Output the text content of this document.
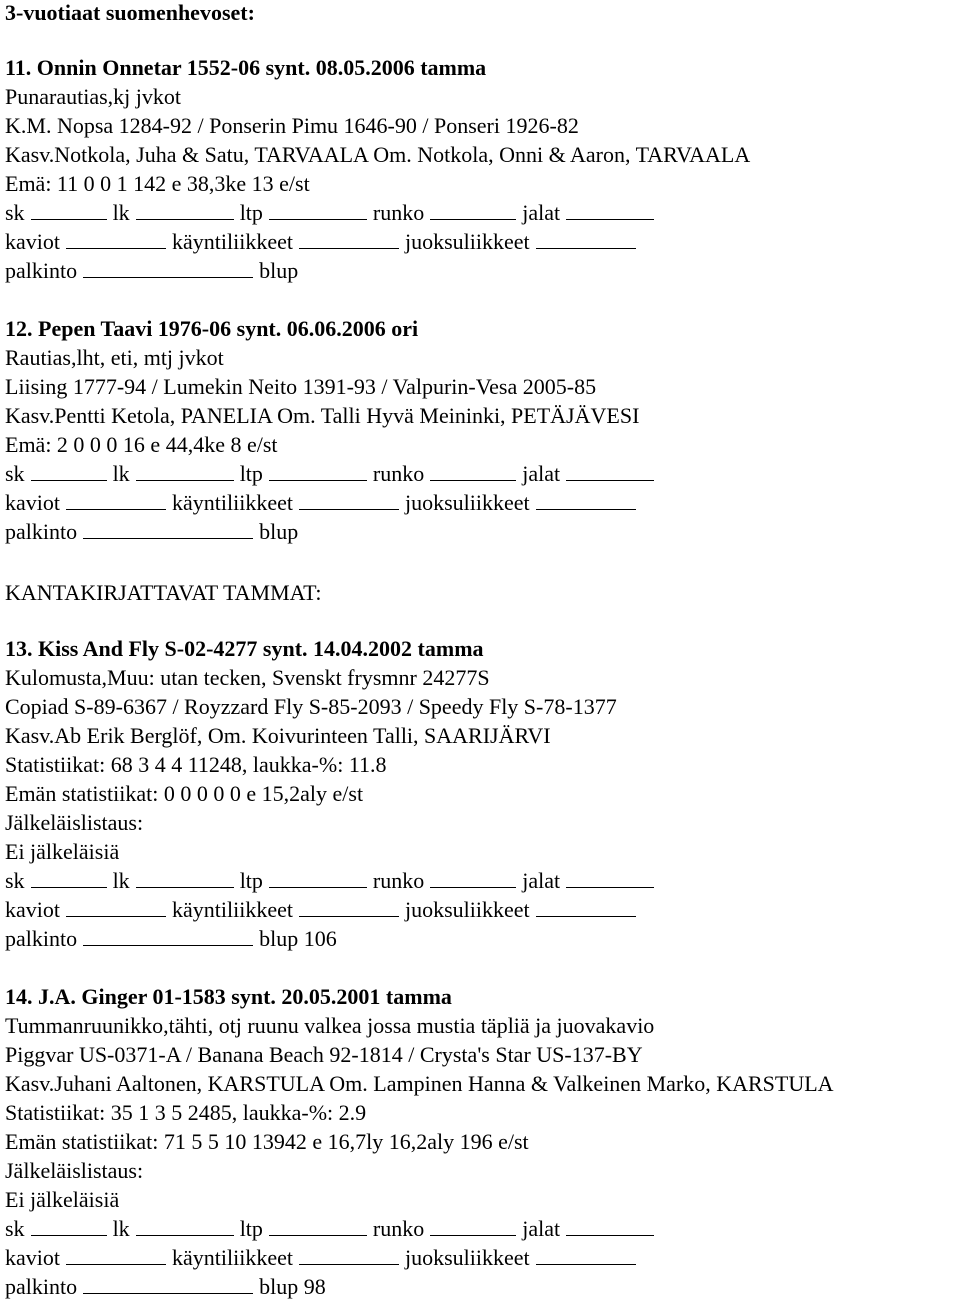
3-vuotiaat suomenhevoset:
11. Onnin Onnetar 1552-06 synt. 08.05.2006 tamma
Punarautias,kj jvkot
K.M. Nopsa 1284-92 / Ponserin Pimu 1646-90 / Ponseri 1926-82
Kasv.Notkola, Juha & Satu, TARVAALA Om. Notkola, Onni & Aaron, TARVAALA
Emä: 11 0 0 1 142 e 38,3ke 13 e/st
sk	lk	ltp	runko	jalat
kaviot	käyntiliikkeet	juoksuliikkeet
palkinto	blup
12. Pepen Taavi 1976-06 synt. 06.06.2006 ori
Rautias,lht, eti, mtj jvkot
Liising 1777-94 / Lumekin Neito 1391-93 / Valpurin-Vesa 2005-85
Kasv.Pentti Ketola, PANELIA Om. Talli Hyvä Meininki, PETÄJÄVESI
Emä: 2 0 0 0 16 e 44,4ke 8 e/st
sk	lk	ltp	runko	jalat
kaviot	käyntiliikkeet	juoksuliikkeet
palkinto	blup
KANTAKIRJATTAVAT TAMMAT:
13. Kiss And Fly S-02-4277 synt. 14.04.2002 tamma
Kulomusta,Muu: utan tecken, Svenskt frysmnr 24277S
Copiad S-89-6367 / Royzzard Fly S-85-2093 / Speedy Fly S-78-1377
Kasv.Ab Erik Berglöf, Om. Koivurinteen Talli, SAARIJÄRVI
Statistiikat: 68 3 4 4 11248, laukka-%: 11.8
Emän statistiikat: 0 0 0 0 0 e 15,2aly e/st
Jälkeläislistaus:
Ei jälkeläisiä
sk	lk	ltp	runko	jalat
kaviot	käyntiliikkeet	juoksuliikkeet
palkinto	blup 106
14. J.A. Ginger 01-1583 synt. 20.05.2001 tamma
Tummanruunikko,tähti, otj ruunu valkea jossa mustia täpliä ja juovakavio
Piggvar US-0371-A / Banana Beach 92-1814 / Crysta's Star US-137-BY
Kasv.Juhani Aaltonen, KARSTULA Om. Lampinen Hanna & Valkeinen Marko, KARSTULA
Statistiikat: 35 1 3 5 2485, laukka-%: 2.9
Emän statistiikat: 71 5 5 10 13942 e 16,7ly 16,2aly 196 e/st
Jälkeläislistaus:
Ei jälkeläisiä
sk	lk	ltp	runko	jalat
kaviot	käyntiliikkeet	juoksuliikkeet
palkinto	blup 98
